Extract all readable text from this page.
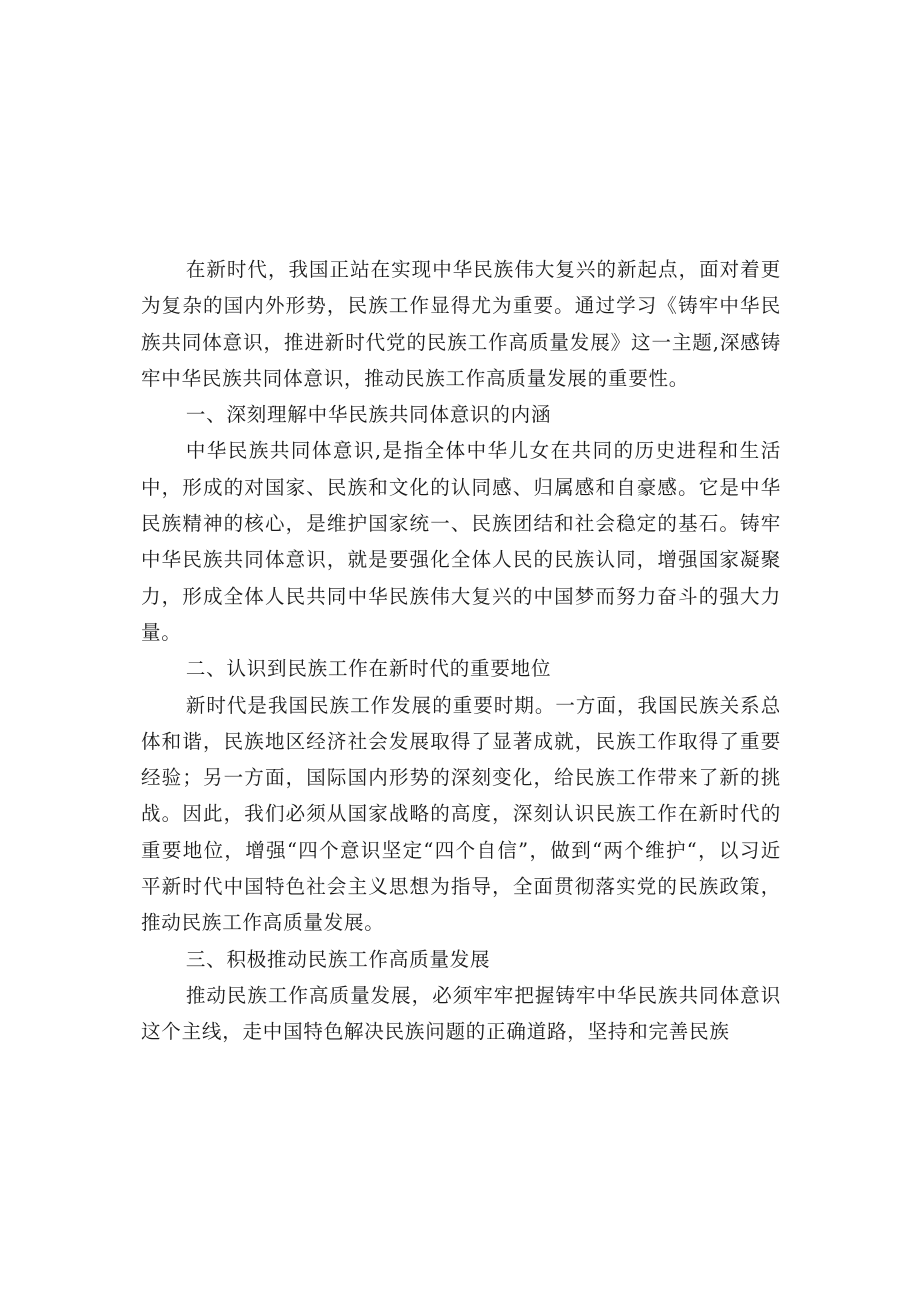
在新时代，我国正站在实现中华民族伟大复兴的新起点，面对着更为复杂的国内外形势，民族工作显得尤为重要。通过学习《铸牢中华民族共同体意识，推进新时代党的民族工作高质量发展》这一主题,深感铸牢中华民族共同体意识，推动民族工作高质量发展的重要性。

一、深刻理解中华民族共同体意识的内涵

中华民族共同体意识,是指全体中华儿女在共同的历史进程和生活中，形成的对国家、民族和文化的认同感、归属感和自豪感。它是中华民族精神的核心，是维护国家统一、民族团结和社会稳定的基石。铸牢中华民族共同体意识，就是要强化全体人民的民族认同，增强国家凝聚力，形成全体人民共同中华民族伟大复兴的中国梦而努力奋斗的强大力量。

二、认识到民族工作在新时代的重要地位

新时代是我国民族工作发展的重要时期。一方面，我国民族关系总体和谐，民族地区经济社会发展取得了显著成就，民族工作取得了重要经验；另一方面，国际国内形势的深刻变化，给民族工作带来了新的挑战。因此，我们必须从国家战略的高度，深刻认识民族工作在新时代的重要地位，增强“四个意识坚定“四个自信”，做到“两个维护“，以习近平新时代中国特色社会主义思想为指导，全面贯彻落实党的民族政策，推动民族工作高质量发展。

三、积极推动民族工作高质量发展

推动民族工作高质量发展，必须牢牢把握铸牢中华民族共同体意识这个主线，走中国特色解决民族问题的正确道路，坚持和完善民族
